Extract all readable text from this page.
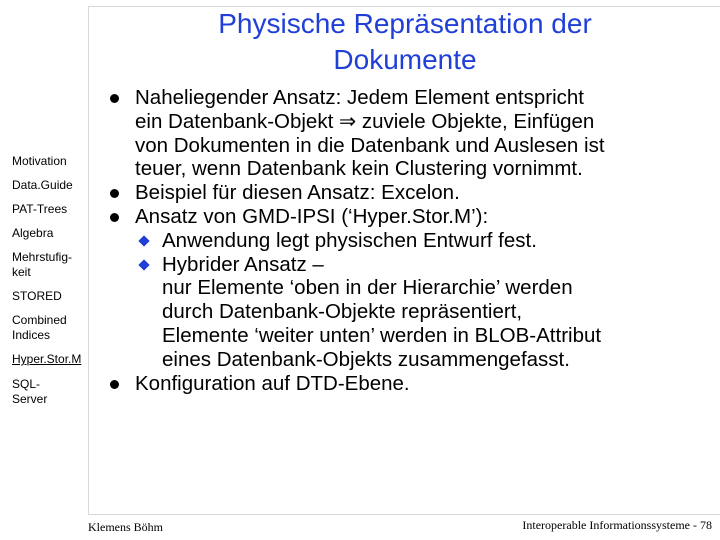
Physische Repräsentation der
Dokumente
Motivation
Data.Guide
PAT-Trees
Algebra
Mehrstufig-
keit
STORED
Combined
Indices
Hyper.Stor.M
SQL-
Server
Naheliegender Ansatz: Jedem Element entspricht
ein Datenbank-Objekt ⇒ zuviele Objekte, Einfügen
von Dokumenten in die Datenbank und Auslesen ist
teuer, wenn Datenbank kein Clustering vornimmt.
Beispiel für diesen Ansatz: Excelon.
Ansatz von GMD-IPSI (‘Hyper.Stor.M’):
Anwendung legt physischen Entwurf fest.
Hybrider Ansatz –
nur Elemente ‘oben in der Hierarchie’ werden
durch Datenbank-Objekte repräsentiert,
Elemente ‘weiter unten’ werden in BLOB-Attribut
eines Datenbank-Objekts zusammengefasst.
Konfiguration auf DTD-Ebene.
Klemens Böhm	Interoperable Informationssysteme - 78
